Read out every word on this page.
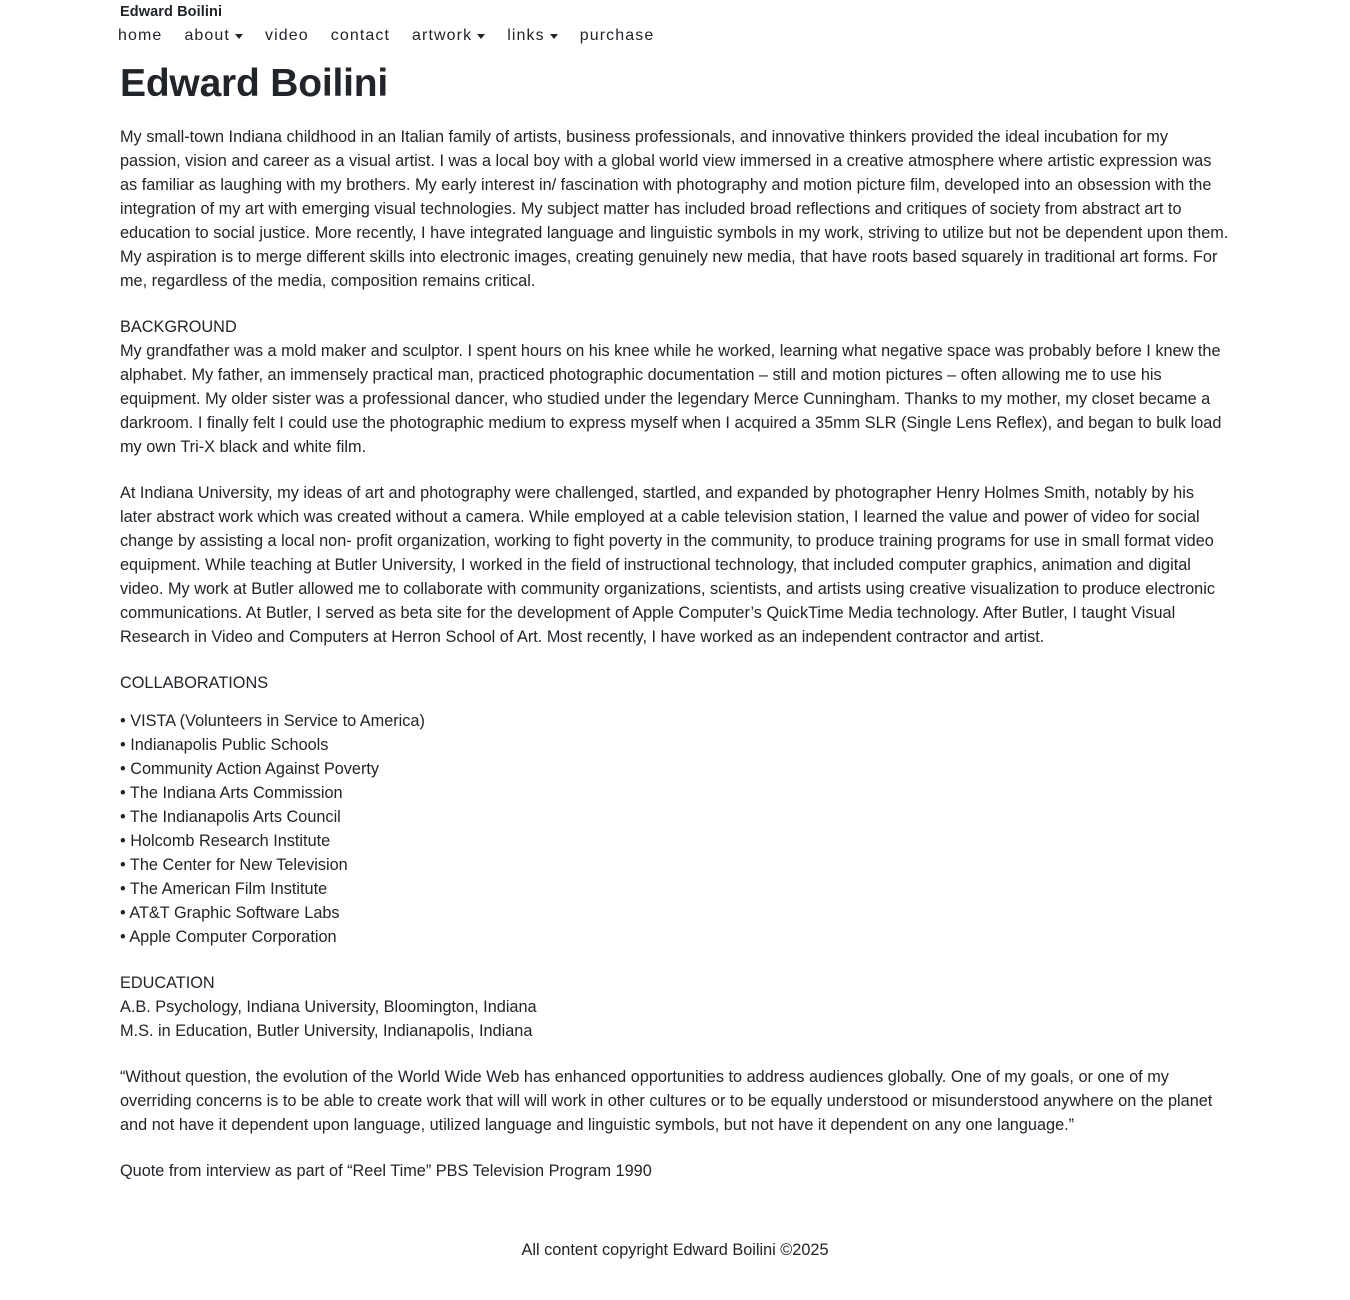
Edward Boilini
home about video contact artwork links purchase
Edward Boilini

My small-town Indiana childhood in an Italian family of artists, business professionals, and innovative thinkers provided the ideal incubation for my passion, vision and career as a visual artist. I was a local boy with a global world view immersed in a creative atmosphere where artistic expression was as familiar as laughing with my brothers. My early interest in/ fascination with photography and motion picture film, developed into an obsession with the integration of my art with emerging visual technologies. My subject matter has included broad reflections and critiques of society from abstract art to education to social justice. More recently, I have integrated language and linguistic symbols in my work, striving to utilize but not be dependent upon them. My aspiration is to merge different skills into electronic images, creating genuinely new media, that have roots based squarely in traditional art forms. For me, regardless of the media, composition remains critical.

BACKGROUND

My grandfather was a mold maker and sculptor. I spent hours on his knee while he worked, learning what negative space was probably before I knew the alphabet. My father, an immensely practical man, practiced photographic documentation – still and motion pictures – often allowing me to use his equipment. My older sister was a professional dancer, who studied under the legendary Merce Cunningham. Thanks to my mother, my closet became a darkroom. I finally felt I could use the photographic medium to express myself when I acquired a 35mm SLR (Single Lens Reflex), and began to bulk load my own Tri-X black and white film.

At Indiana University, my ideas of art and photography were challenged, startled, and expanded by photographer Henry Holmes Smith, notably by his later abstract work which was created without a camera. While employed at a cable television station, I learned the value and power of video for social change by assisting a local non- profit organization, working to fight poverty in the community, to produce training programs for use in small format video equipment. While teaching at Butler University, I worked in the field of instructional technology, that included computer graphics, animation and digital video. My work at Butler allowed me to collaborate with community organizations, scientists, and artists using creative visualization to produce electronic communications. At Butler, I served as beta site for the development of Apple Computer’s QuickTime Media technology. After Butler, I taught Visual Research in Video and Computers at Herron School of Art. Most recently, I have worked as an independent contractor and artist.

COLLABORATIONS

• VISTA (Volunteers in Service to America)
• Indianapolis Public Schools
• Community Action Against Poverty
• The Indiana Arts Commission
• The Indianapolis Arts Council
• Holcomb Research Institute
• The Center for New Television
• The American Film Institute
• AT&T Graphic Software Labs
• Apple Computer Corporation

EDUCATION

A.B. Psychology, Indiana University, Bloomington, Indiana

M.S. in Education, Butler University, Indianapolis, Indiana

“Without question, the evolution of the World Wide Web has enhanced opportunities to address audiences globally. One of my goals, or one of my overriding concerns is to be able to create work that will will work in other cultures or to be equally understood or misunderstood anywhere on the planet and not have it dependent upon language, utilized language and linguistic symbols, but not have it dependent on any one language.”

Quote from interview as part of “Reel Time” PBS Television Program 1990

All content copyright Edward Boilini ©2025
